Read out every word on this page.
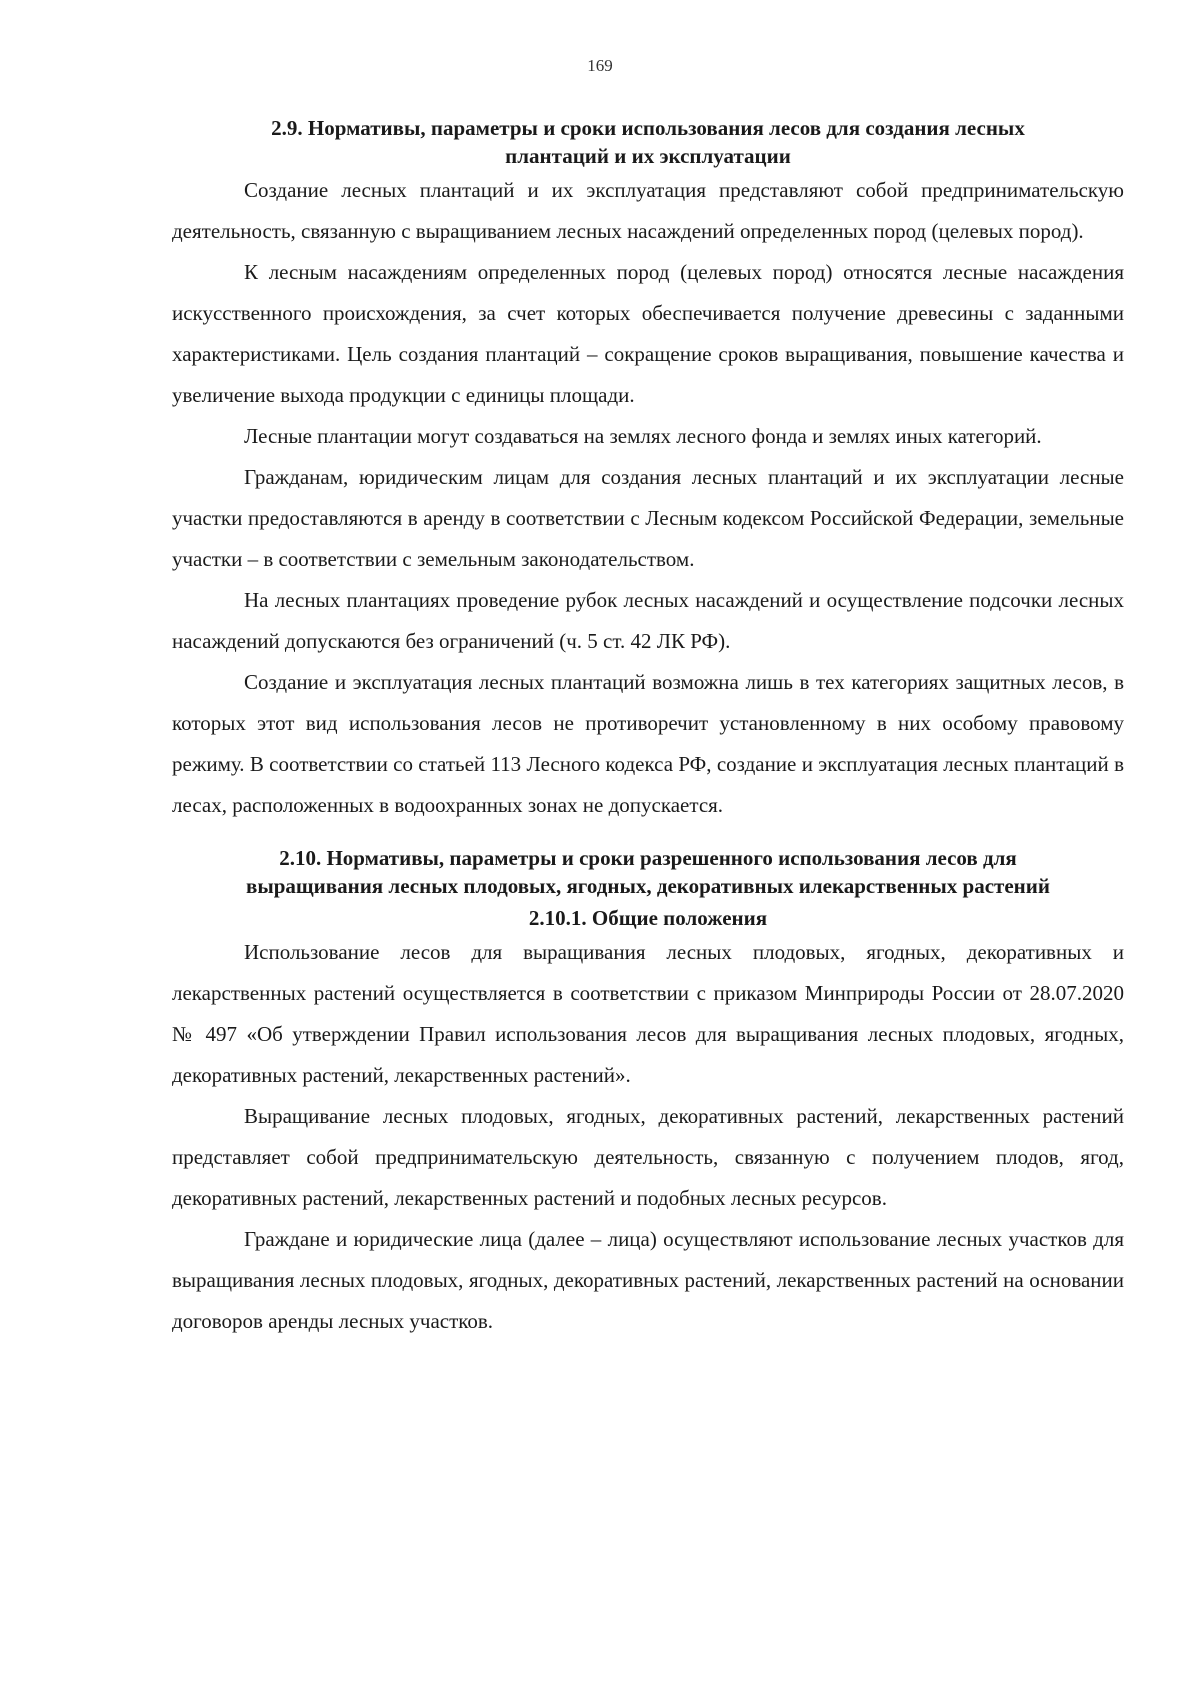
169
2.9. Нормативы, параметры и сроки использования лесов для создания лесных
плантаций и их эксплуатации

Создание лесных плантаций и их эксплуатация представляют собой предпринимательскую деятельность, связанную с выращиванием лесных насаждений определенных пород (целевых пород).

К лесным насаждениям определенных пород (целевых пород) относятся лесные насаждения искусственного происхождения, за счет которых обеспечивается получение древесины с заданными характеристиками. Цель создания плантаций – сокращение сроков выращивания, повышение качества и увеличение выхода продукции с единицы площади.

Лесные плантации могут создаваться на землях лесного фонда и землях иных категорий.

Гражданам, юридическим лицам для создания лесных плантаций и их эксплуатации лесные участки предоставляются в аренду в соответствии с Лесным кодексом Российской Федерации, земельные участки – в соответствии с земельным законодательством.

На лесных плантациях проведение рубок лесных насаждений и осуществление подсочки лесных насаждений допускаются без ограничений (ч. 5 ст. 42 ЛК РФ).

Создание и эксплуатация лесных плантаций возможна лишь в тех категориях защитных лесов, в которых этот вид использования лесов не противоречит установленному в них особому правовому режиму. В соответствии со статьей 113 Лесного кодекса РФ, создание и эксплуатация лесных плантаций в лесах, расположенных в водоохранных зонах не допускается.

2.10. Нормативы, параметры и сроки разрешенного использования лесов для
выращивания лесных плодовых, ягодных, декоративных илекарственных растений
2.10.1. Общие положения

Использование лесов для выращивания лесных плодовых, ягодных, декоративных и лекарственных растений осуществляется в соответствии с приказом Минприроды России от 28.07.2020 № 497 «Об утверждении Правил использования лесов для выращивания лесных плодовых, ягодных, декоративных растений, лекарственных растений».

Выращивание лесных плодовых, ягодных, декоративных растений, лекарственных растений представляет собой предпринимательскую деятельность, связанную с получением плодов, ягод, декоративных растений, лекарственных растений и подобных лесных ресурсов.

Граждане и юридические лица (далее – лица) осуществляют использование лесных участков для выращивания лесных плодовых, ягодных, декоративных растений, лекарственных растений на основании договоров аренды лесных участков.
